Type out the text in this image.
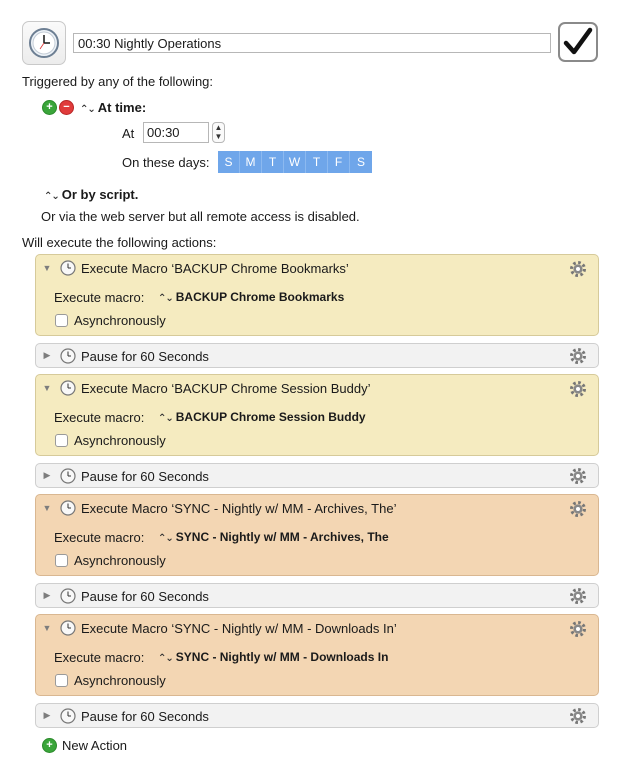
00:30 Nightly Operations
Triggered by any of the following:
+ − ⌃⌄ At time:
At 00:30	▲
▼
On these days:	S	M	T	W	T	F	S
⌃⌄ Or by script.
Or via the web server but all remote access is disabled.
Will execute the following actions:
▼ Execute Macro ‘BACKUP Chrome Bookmarks’
Execute macro: ⌃⌄ BACKUP Chrome Bookmarks
Asynchronously
▶ Pause for 60 Seconds
▼ Execute Macro ‘BACKUP Chrome Session Buddy’
Execute macro: ⌃⌄ BACKUP Chrome Session Buddy
Asynchronously
▶ Pause for 60 Seconds
▼ Execute Macro ‘SYNC - Nightly w/ MM - Archives, The’
Execute macro: ⌃⌄ SYNC - Nightly w/ MM - Archives, The
Asynchronously
▶ Pause for 60 Seconds
▼ Execute Macro ‘SYNC - Nightly w/ MM - Downloads In’
Execute macro: ⌃⌄ SYNC - Nightly w/ MM - Downloads In
Asynchronously
▶ Pause for 60 Seconds
+ New Action
